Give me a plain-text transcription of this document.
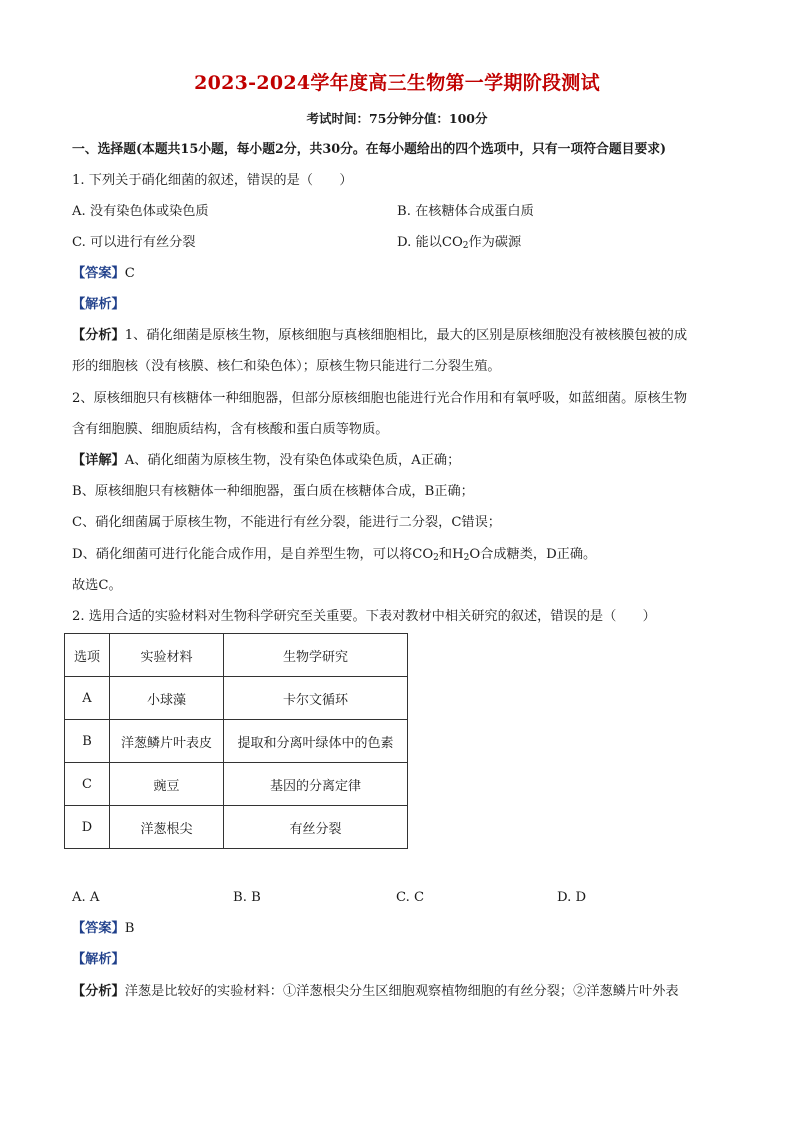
2023-2024学年度高三生物第一学期阶段测试
考试时间：75分钟分值：100分
一、选择题(本题共15小题，每小题2分，共30分。在每小题给出的四个选项中，只有一项符合题目要求)
1. 下列关于硝化细菌的叙述，错误的是（　　）
A. 没有染色体或染色质	B. 在核糖体合成蛋白质
C. 可以进行有丝分裂	D. 能以$CO_2$作为碳源
【答案】C
【解析】
【分析】1、硝化细菌是原核生物，原核细胞与真核细胞相比，最大的区别是原核细胞没有被核膜包被的成
形的细胞核（没有核膜、核仁和染色体）；原核生物只能进行二分裂生殖。
2、原核细胞只有核糖体一种细胞器，但部分原核细胞也能进行光合作用和有氧呼吸，如蓝细菌。原核生物
含有细胞膜、细胞质结构，含有核酸和蛋白质等物质。
【详解】A、硝化细菌为原核生物，没有染色体或染色质，A正确；
B、原核细胞只有核糖体一种细胞器，蛋白质在核糖体合成，B正确；
C、硝化细菌属于原核生物，不能进行有丝分裂，能进行二分裂，C错误；
D、硝化细菌可进行化能合成作用，是自养型生物，可以将$CO_2$和$H_2O$合成糖类，D正确。
故选C。
2. 选用合适的实验材料对生物科学研究至关重要。下表对教材中相关研究的叙述，错误的是（　　）
选项	实验材料	生物学研究
A	小球藻	卡尔文循环
B	洋葱鳞片叶表皮	提取和分离叶绿体中的色素
C	豌豆	基因的分离定律
D	洋葱根尖	有丝分裂
A. A	B. B	C. C	D. D
【答案】B
【解析】
【分析】洋葱是比较好的实验材料：①洋葱根尖分生区细胞观察植物细胞的有丝分裂；②洋葱鳞片叶外表
